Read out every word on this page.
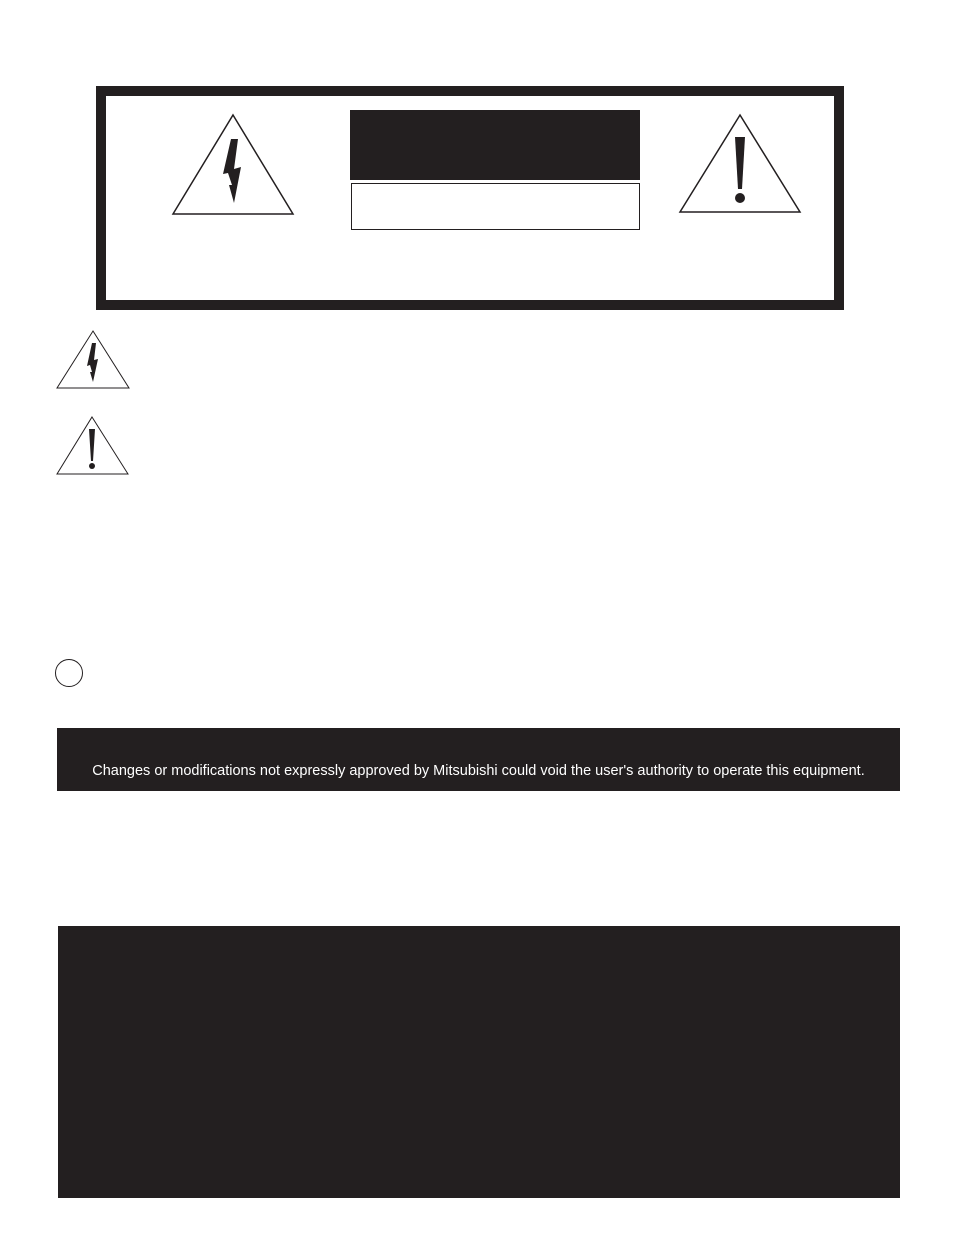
Changes or modifications not expressly approved by Mitsubishi could void the user's authority to operate this equipment.
